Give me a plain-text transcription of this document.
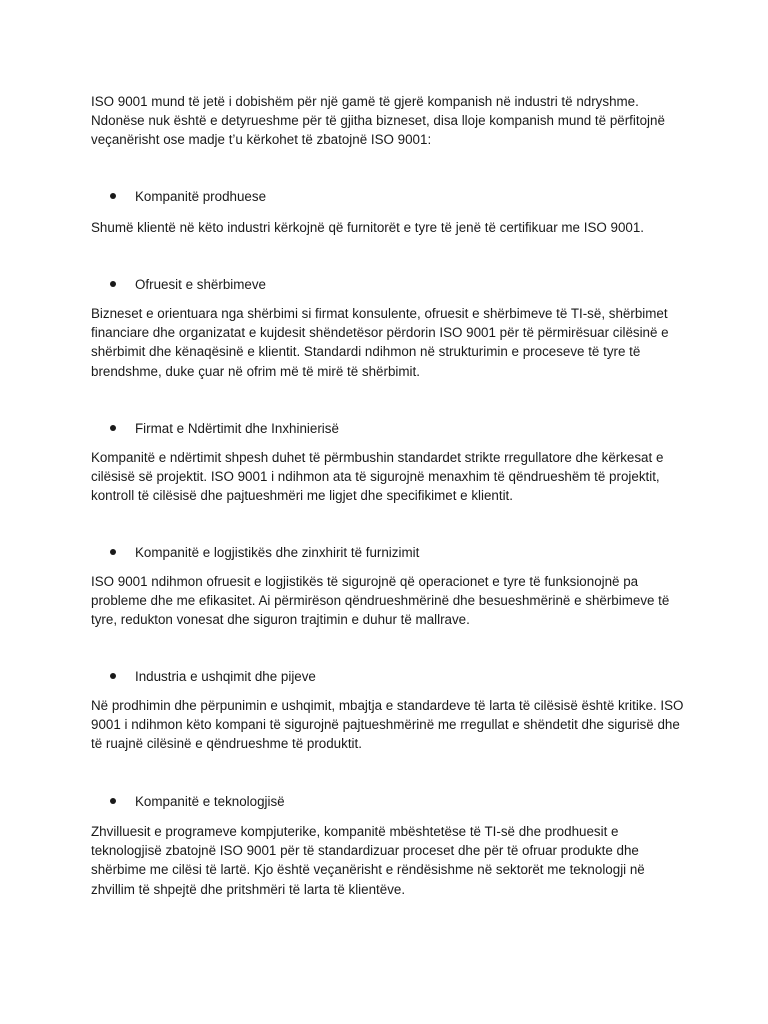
ISO 9001 mund të jetë i dobishëm për një gamë të gjerë kompanish në industri të ndryshme. Ndonëse nuk është e detyrueshme për të gjitha bizneset, disa lloje kompanish mund të përfitojnë veçanërisht ose madje t’u kërkohet të zbatojnë ISO 9001:

Kompanitë prodhuese

Shumë klientë në këto industri kërkojnë që furnitorët e tyre të jenë të certifikuar me ISO 9001.

Ofruesit e shërbimeve

Bizneset e orientuara nga shërbimi si firmat konsulente, ofruesit e shërbimeve të TI-së, shërbimet financiare dhe organizatat e kujdesit shëndetësor përdorin ISO 9001 për të përmirësuar cilësinë e shërbimit dhe kënaqësinë e klientit. Standardi ndihmon në strukturimin e proceseve të tyre të brendshme, duke çuar në ofrim më të mirë të shërbimit.

Firmat e Ndërtimit dhe Inxhinierisë

Kompanitë e ndërtimit shpesh duhet të përmbushin standardet strikte rregullatore dhe kërkesat e cilësisë së projektit. ISO 9001 i ndihmon ata të sigurojnë menaxhim të qëndrueshëm të projektit, kontroll të cilësisë dhe pajtueshmëri me ligjet dhe specifikimet e klientit.

Kompanitë e logjistikës dhe zinxhirit të furnizimit

ISO 9001 ndihmon ofruesit e logjistikës të sigurojnë që operacionet e tyre të funksionojnë pa probleme dhe me efikasitet. Ai përmirëson qëndrueshmërinë dhe besueshmërinë e shërbimeve të tyre, redukton vonesat dhe siguron trajtimin e duhur të mallrave.

Industria e ushqimit dhe pijeve

Në prodhimin dhe përpunimin e ushqimit, mbajtja e standardeve të larta të cilësisë është kritike. ISO 9001 i ndihmon këto kompani të sigurojnë pajtueshmërinë me rregullat e shëndetit dhe sigurisë dhe të ruajnë cilësinë e qëndrueshme të produktit.

Kompanitë e teknologjisë

Zhvilluesit e programeve kompjuterike, kompanitë mbështetëse të TI-së dhe prodhuesit e teknologjisë zbatojnë ISO 9001 për të standardizuar proceset dhe për të ofruar produkte dhe shërbime me cilësi të lartë. Kjo është veçanërisht e rëndësishme në sektorët me teknologji në zhvillim të shpejtë dhe pritshmëri të larta të klientëve.
